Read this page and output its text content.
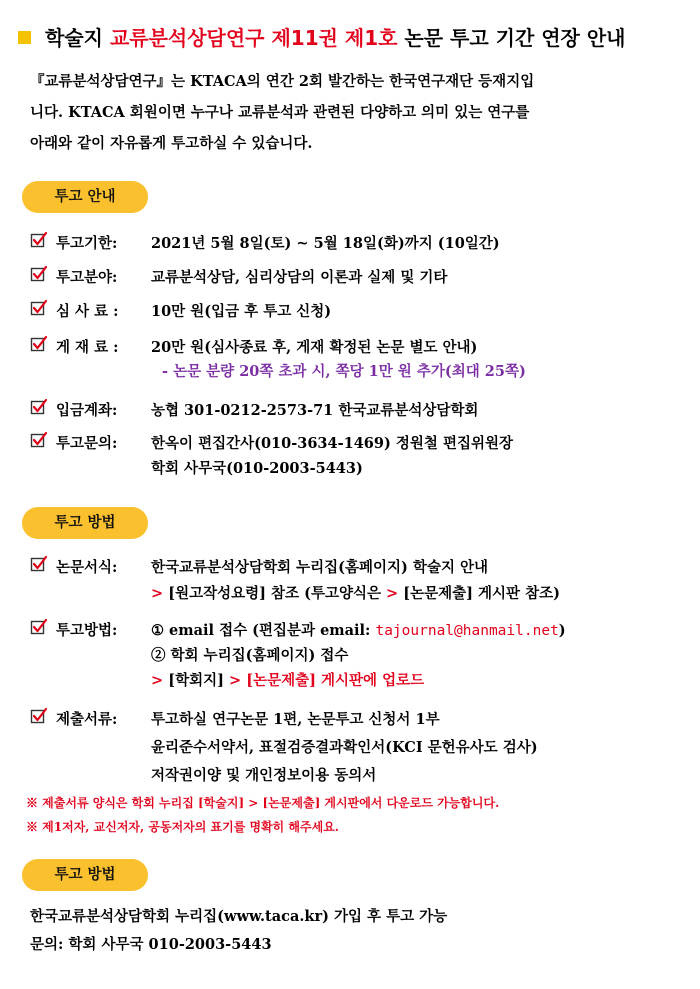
학술지 교류분석상담연구 제11권 제1호 논문 투고 기간 연장 안내
『교류분석상담연구』는 KTACA의 연간 2회 발간하는 한국연구재단 등재지입
니다. KTACA 회원이면 누구나 교류분석과 관련된 다양하고 의미 있는 연구를
아래와 같이 자유롭게 투고하실 수 있습니다.
투고 안내
투고기한: 2021년 5월 8일(토) ~ 5월 18일(화)까지 (10일간)
투고분야: 교류분석상담, 심리상담의 이론과 실제 및 기타
심 사 료 : 10만 원(입금 후 투고 신청)
게 재 료 : 20만 원(심사종료 후, 게재 확정된 논문 별도 안내)
- 논문 분량 20쪽 초과 시, 쪽당 1만 원 추가(최대 25쪽)
입금계좌: 농협 301-0212-2573-71 한국교류분석상담학회
투고문의: 한옥이 편집간사(010-3634-1469) 정원철 편집위원장
학회 사무국(010-2003-5443)
투고 방법
논문서식: 한국교류분석상담학회 누리집(홈페이지) 학술지 안내
> [원고작성요령] 참조 (투고양식은 > [논문제출] 게시판 참조)
투고방법: ① email 접수 (편집분과 email: tajournal@hanmail.net)
② 학회 누리집(홈페이지) 접수
> [학회지] > [논문제출] 게시판에 업로드
제출서류: 투고하실 연구논문 1편, 논문투고 신청서 1부
윤리준수서약서, 표절검증결과확인서(KCI 문헌유사도 검사)
저작권이양 및 개인정보이용 동의서
※ 제출서류 양식은 학회 누리집 [학술지] > [논문제출] 게시판에서 다운로드 가능합니다.
※ 제1저자, 교신저자, 공동저자의 표기를 명확히 해주세요.
투고 방법
한국교류분석상담학회 누리집(www.taca.kr) 가입 후 투고 가능
문의: 학회 사무국 010-2003-5443
